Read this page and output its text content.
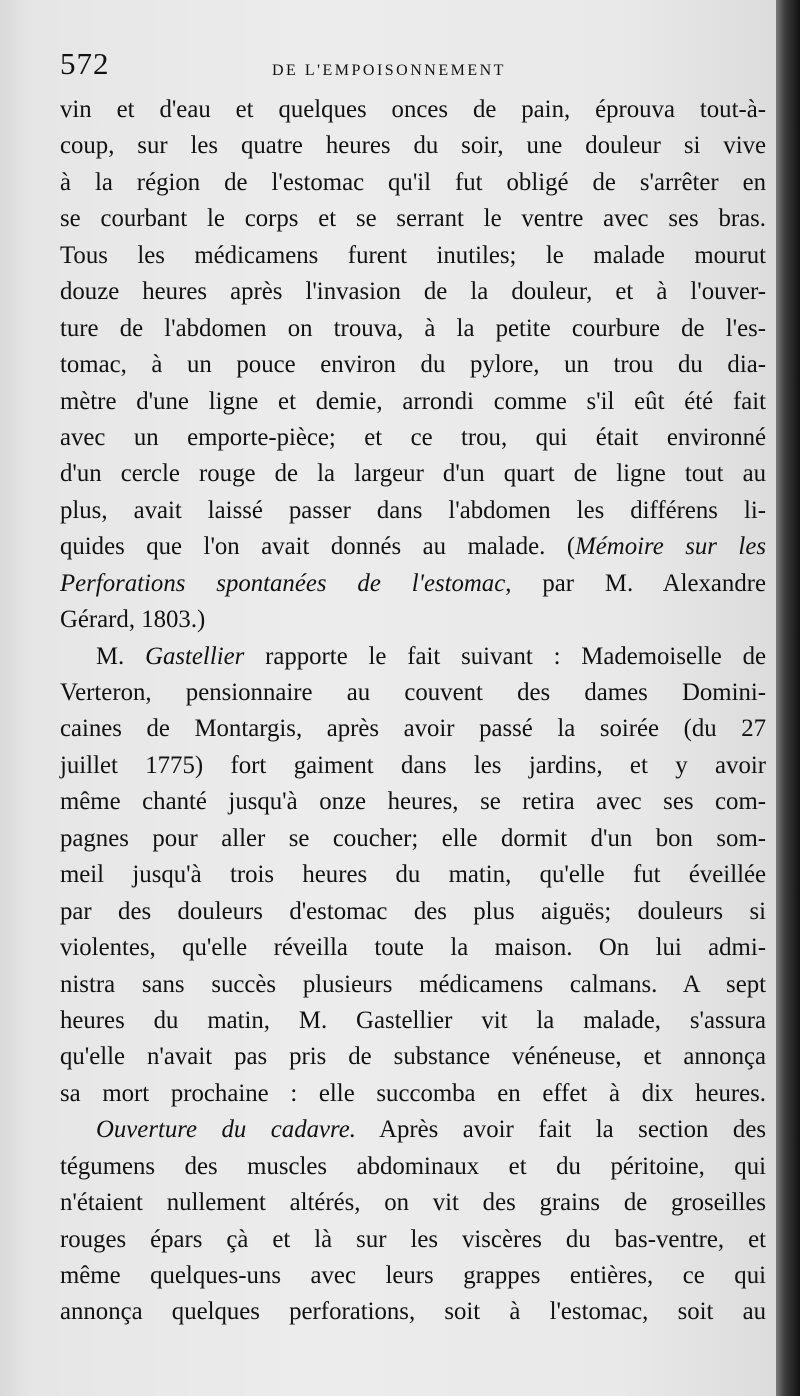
572	DE L'EMPOISONNEMENT
vin et d'eau et quelques onces de pain, éprouva tout-à-
coup, sur les quatre heures du soir, une douleur si vive
à la région de l'estomac qu'il fut obligé de s'arrêter en
se courbant le corps et se serrant le ventre avec ses bras.
Tous les médicamens furent inutiles; le malade mourut
douze heures après l'invasion de la douleur, et à l'ouver-
ture de l'abdomen on trouva, à la petite courbure de l'es-
tomac, à un pouce environ du pylore, un trou du dia-
mètre d'une ligne et demie, arrondi comme s'il eût été fait
avec un emporte-pièce; et ce trou, qui était environné
d'un cercle rouge de la largeur d'un quart de ligne tout au
plus, avait laissé passer dans l'abdomen les différens li-
quides que l'on avait donnés au malade. (Mémoire sur les
Perforations spontanées de l'estomac, par M. Alexandre
Gérard, 1803.)
M. Gastellier rapporte le fait suivant : Mademoiselle de
Verteron, pensionnaire au couvent des dames Domini-
caines de Montargis, après avoir passé la soirée (du 27
juillet 1775) fort gaiment dans les jardins, et y avoir
même chanté jusqu'à onze heures, se retira avec ses com-
pagnes pour aller se coucher; elle dormit d'un bon som-
meil jusqu'à trois heures du matin, qu'elle fut éveillée
par des douleurs d'estomac des plus aiguës; douleurs si
violentes, qu'elle réveilla toute la maison. On lui admi-
nistra sans succès plusieurs médicamens calmans. A sept
heures du matin, M. Gastellier vit la malade, s'assura
qu'elle n'avait pas pris de substance vénéneuse, et annonça
sa mort prochaine : elle succomba en effet à dix heures.
Ouverture du cadavre. Après avoir fait la section des
tégumens des muscles abdominaux et du péritoine, qui
n'étaient nullement altérés, on vit des grains de groseilles
rouges épars çà et là sur les viscères du bas-ventre, et
même quelques-uns avec leurs grappes entières, ce qui
annonça quelques perforations, soit à l'estomac, soit au
